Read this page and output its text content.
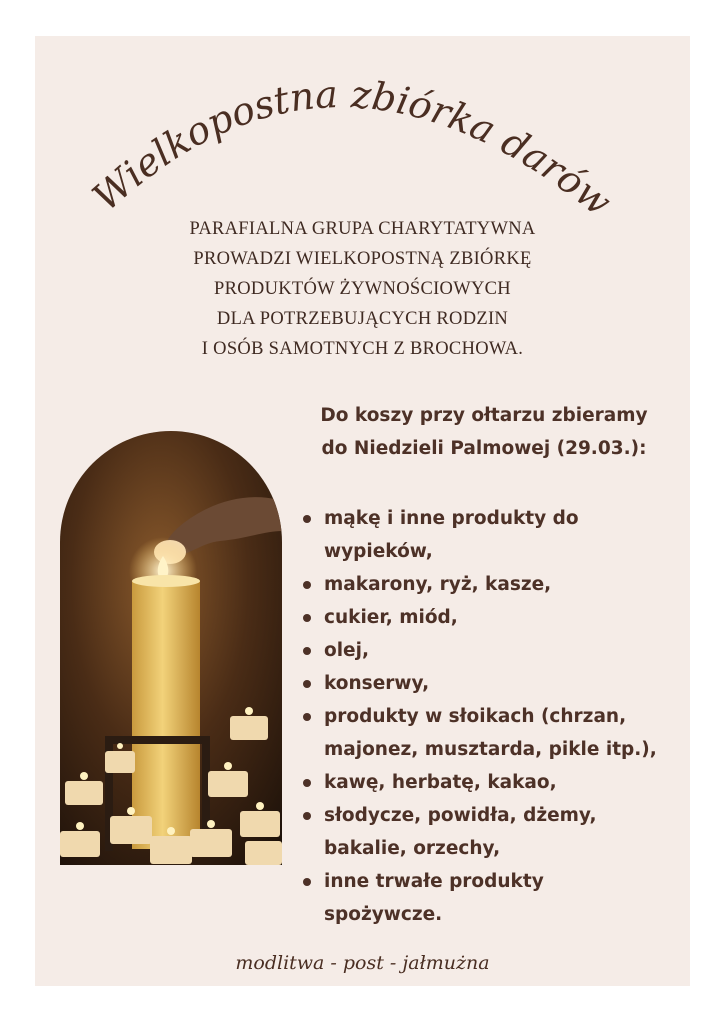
Wielkopostna zbiórka darów
PARAFIALNA GRUPA CHARYTATYWNA
PROWADZI WIELKOPOSTNĄ ZBIÓRKĘ
PRODUKTÓW ŻYWNOŚCIOWYCH
DLA POTRZEBUJĄCYCH RODZIN
I OSÓB SAMOTNYCH Z BROCHOWA.
Do koszy przy ołtarzu zbieramy
do Niedzieli Palmowej (29.03.):
mąkę i inne produkty do
wypieków,
makarony, ryż, kasze,
cukier, miód,
olej,
konserwy,
produkty w słoikach (chrzan,
majonez, musztarda, pikle itp.),
kawę, herbatę, kakao,
słodycze, powidła, dżemy,
bakalie, orzechy,
inne trwałe produkty
spożywcze.
modlitwa - post - jałmużna
